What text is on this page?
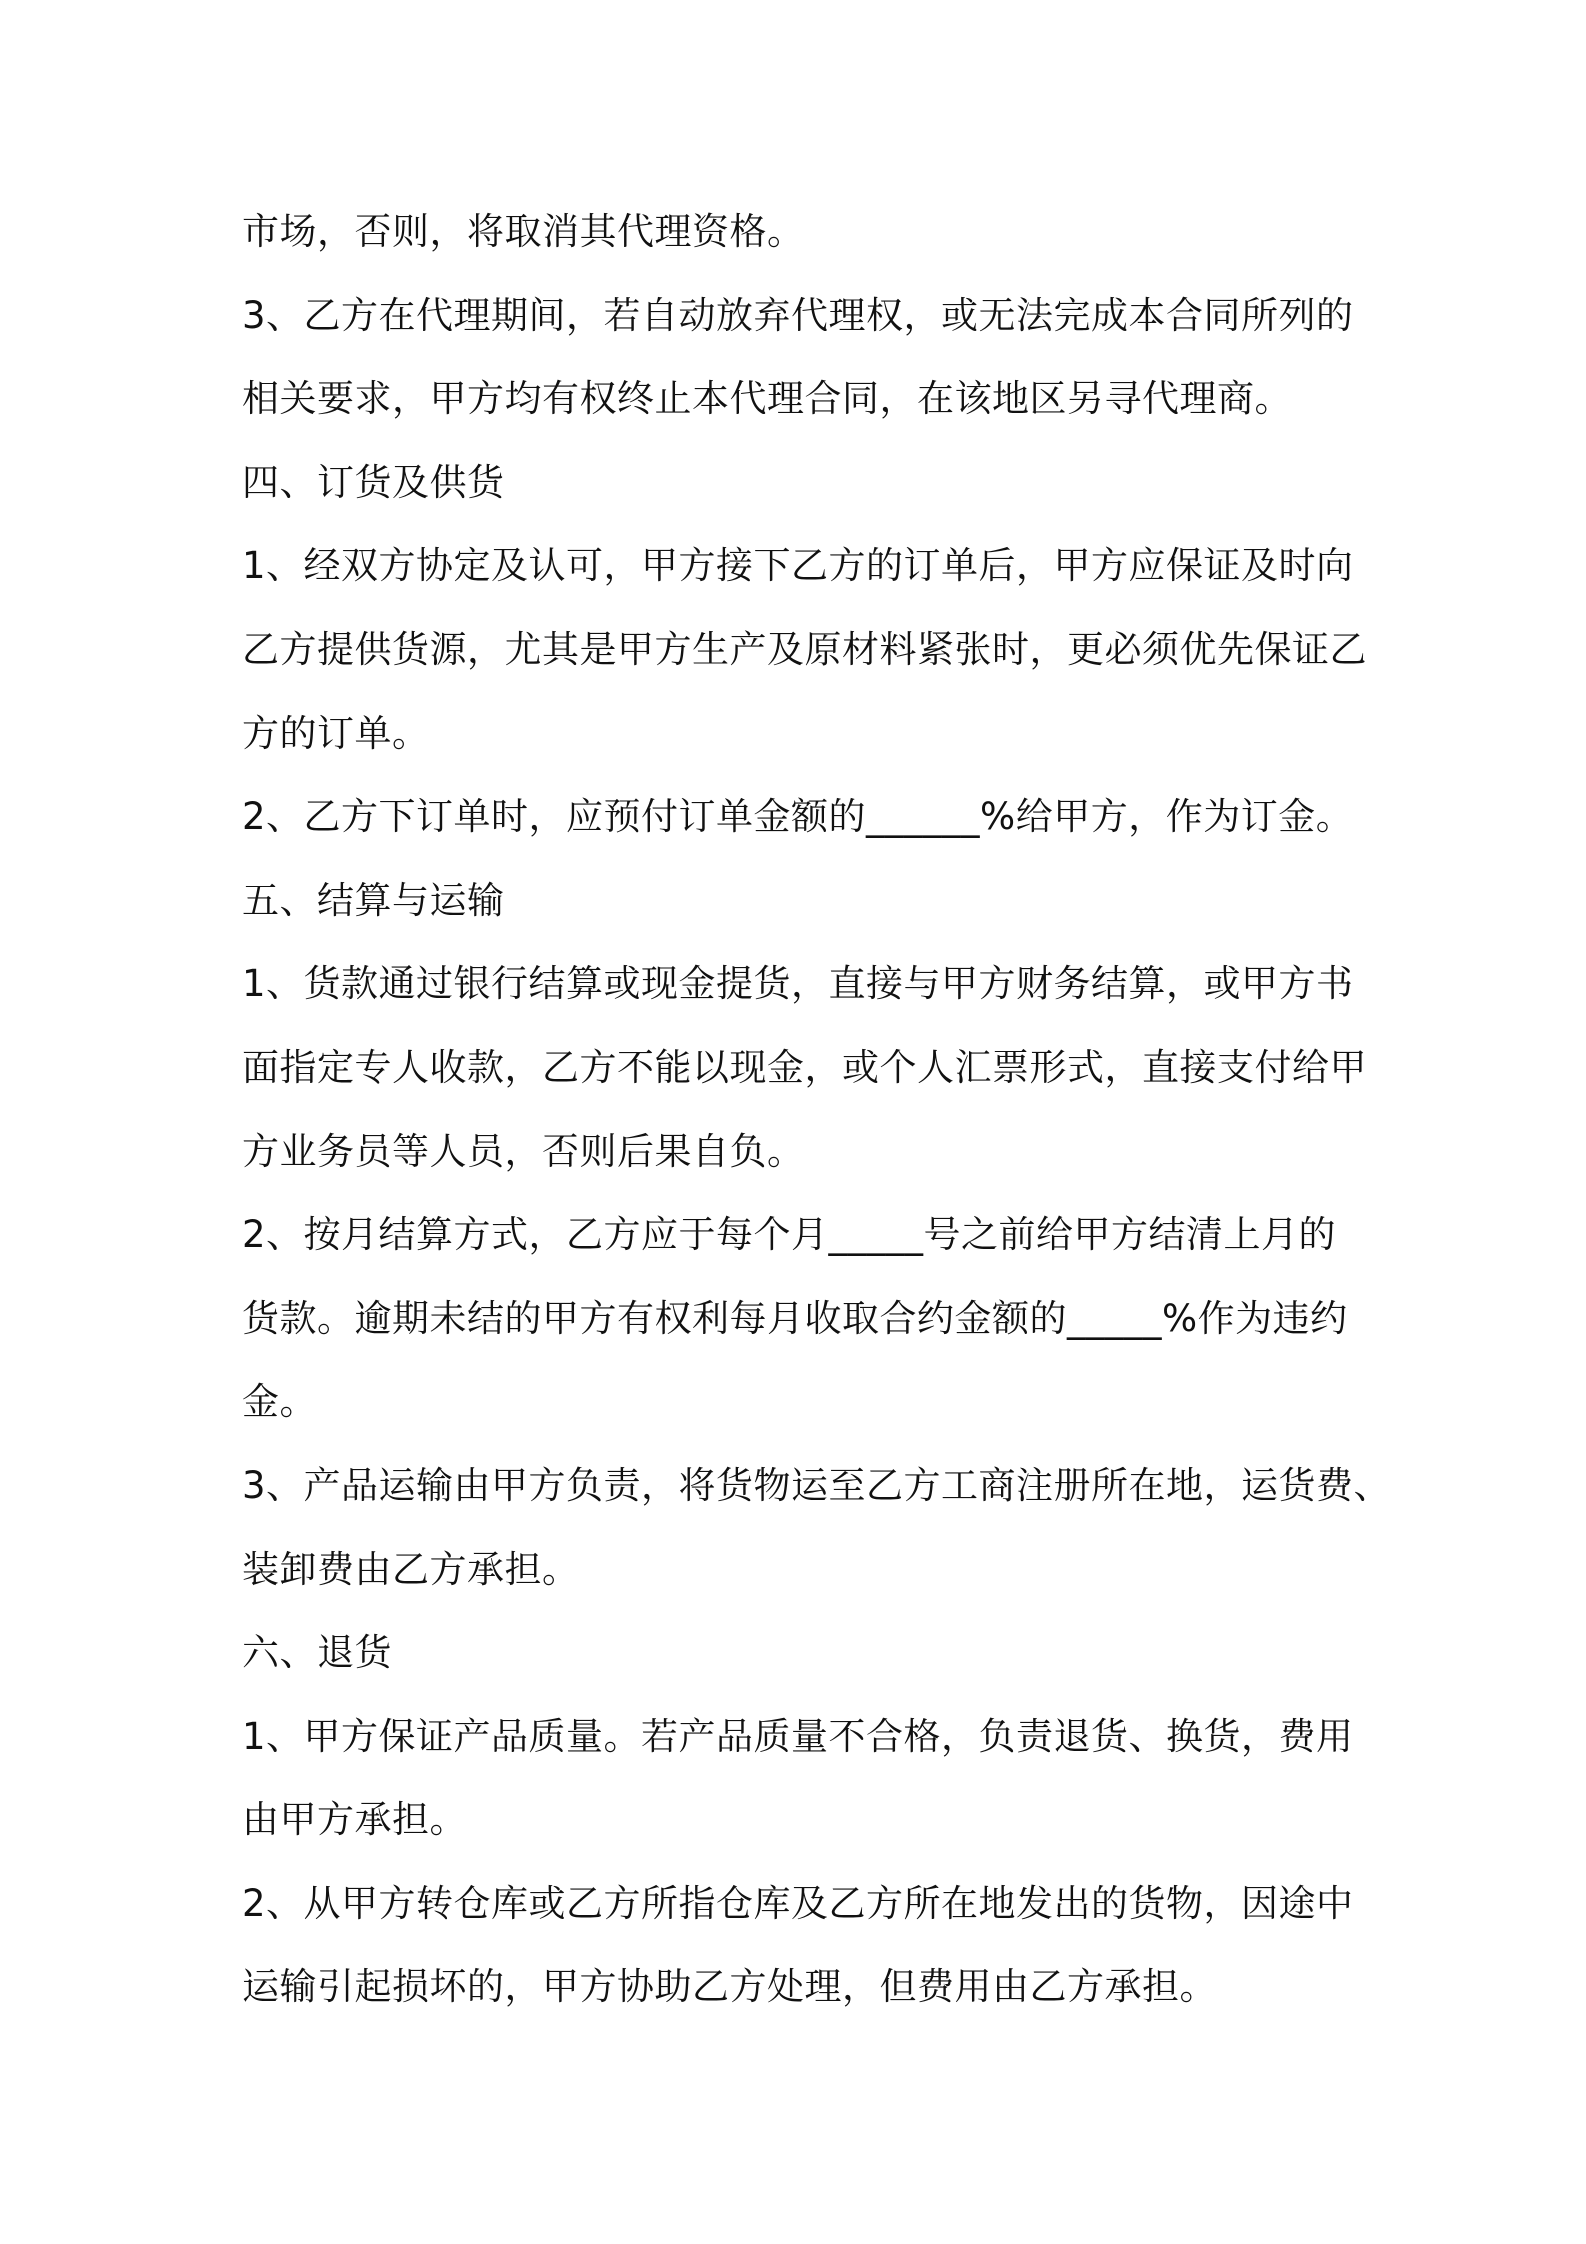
市场，否则，将取消其代理资格。
3、乙方在代理期间，若自动放弃代理权，或无法完成本合同所列的
相关要求，甲方均有权终止本代理合同，在该地区另寻代理商。
四、订货及供货
1、经双方协定及认可，甲方接下乙方的订单后，甲方应保证及时向
乙方提供货源，尤其是甲方生产及原材料紧张时，更必须优先保证乙
方的订单。
2、乙方下订单时，应预付订单金额的______%给甲方，作为订金。
五、结算与运输
1、货款通过银行结算或现金提货，直接与甲方财务结算，或甲方书
面指定专人收款，乙方不能以现金，或个人汇票形式，直接支付给甲
方业务员等人员，否则后果自负。
2、按月结算方式，乙方应于每个月_____号之前给甲方结清上月的
货款。逾期未结的甲方有权利每月收取合约金额的_____%作为违约
金。
3、产品运输由甲方负责，将货物运至乙方工商注册所在地，运货费、
装卸费由乙方承担。
六、退货
1、甲方保证产品质量。若产品质量不合格，负责退货、换货，费用
由甲方承担。
2、从甲方转仓库或乙方所指仓库及乙方所在地发出的货物，因途中
运输引起损坏的，甲方协助乙方处理，但费用由乙方承担。
